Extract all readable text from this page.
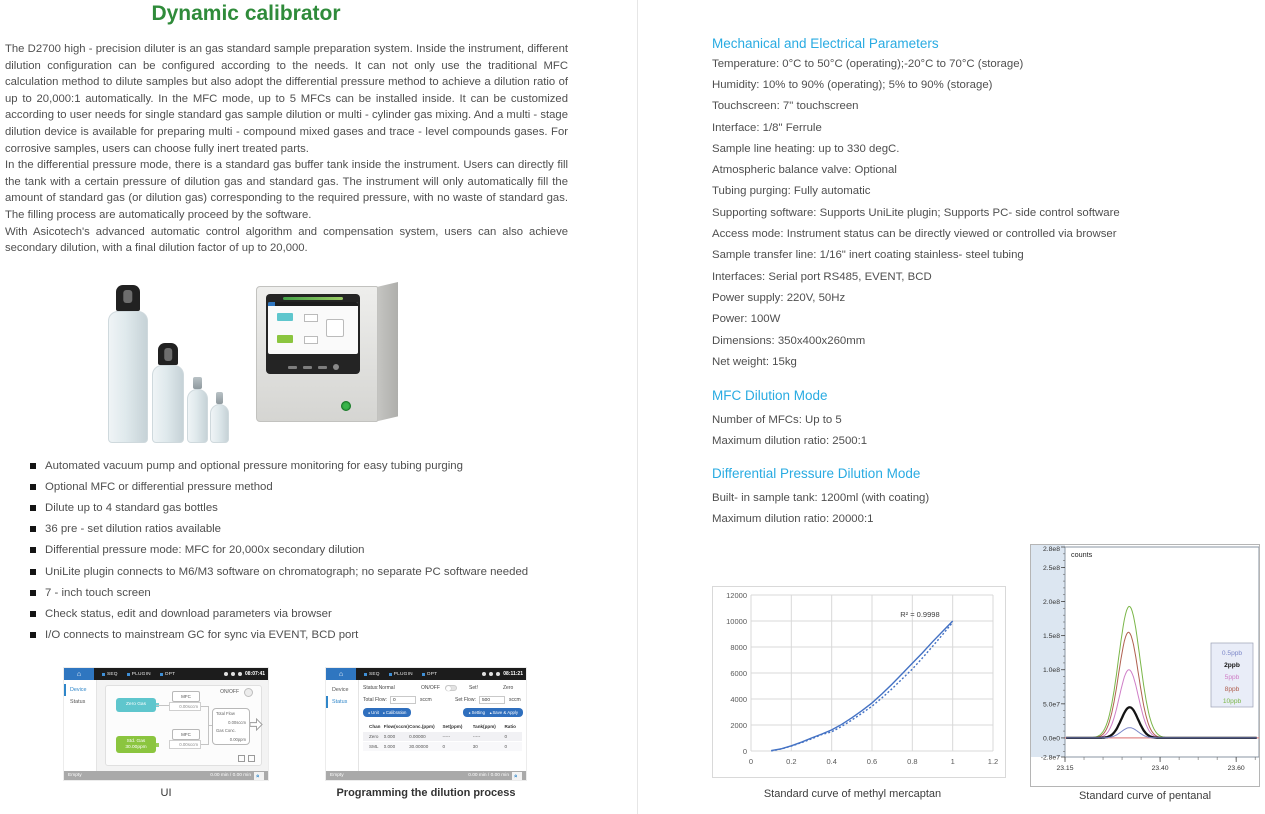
Dynamic calibrator

The D2700 high - precision diluter is an gas standard sample preparation system. Inside the instrument, different dilution configuration can be configured according to the needs. It can not only use the traditional MFC calculation method to dilute samples but also adopt the differential pressure method to achieve a dilution ratio of up to 20,000:1 automatically. In the MFC mode, up to 5 MFCs can be installed inside. It can be customized according to user needs for single standard gas sample dilution or multi - cylinder gas mixing. And a multi - stage dilution device is available for preparing multi - compound mixed gases and trace - level compounds gases. For corrosive samples, users can choose fully inert treated parts.

In the differential pressure mode, there is a standard gas buffer tank inside the instrument. Users can directly fill the tank with a certain pressure of dilution gas and standard gas. The instrument will only automatically fill the amount of standard gas (or dilution gas) corresponding to the required pressure, with no waste of standard gas. The filling process are automatically proceed by the software.

With Asicotech's advanced automatic control algorithm and compensation system, users can also achieve secondary dilution, with a final dilution factor of up to 20,000.

Automated vacuum pump and optional pressure monitoring for easy tubing purging
Optional MFC or differential pressure method
Dilute up to 4 standard gas bottles
36 pre - set dilution ratios available
Differential pressure mode: MFC for 20,000x secondary dilution
UniLite plugin connects to M6/M3 software on chromatograph; no separate PC software needed
7 - inch touch screen
Check status, edit and download parameters via browser
I/O connects to mainstream GC for sync via EVENT, BCD port
⌂	SEQ	PLUGIN	OPT	08:07:41
Device
Status
ON/OFF
Zero Gas
MFC
0.00sccm
Std. Gas
30.00ppm
MFC
0.00sccm
Total Flow
0.00sccm
Gas Conc.
0.00ppm
Empty	0.00 min / 0.00 min »
UI
⌂	SEQ	PLUGIN	OPT	08:11:21
Device
Status
Status:Normal	ON/OFF	Set!	Zero
Total Flow:	0	sccm	Set Flow:	500	sccm
● Unit	● Calibration	● Setting	▲ Save & Apply
Chan Flow(sccm) Conc.(ppm)	Set(ppm)	Tank(ppm)	Ratio
Zero	0.000	0.00000	-----	-----	0
SML	0.000	30.00000	0	30	0
Empty	0.00 min / 0.00 min »
Programming the dilution process
Mechanical and Electrical Parameters
Temperature: 0°C to 50°C (operating);-20°C to 70°C (storage)
Humidity: 10% to 90% (operating); 5% to 90% (storage)
Touchscreen: 7" touchscreen
Interface: 1/8" Ferrule
Sample line heating: up to 330 degC.
Atmospheric balance valve: Optional
Tubing purging: Fully automatic
Supporting software: Supports UniLite plugin; Supports PC- side control software
Access mode: Instrument status can be directly viewed or controlled via browser
Sample transfer line: 1/16" inert coating stainless- steel tubing
Interfaces: Serial port RS485, EVENT, BCD
Power supply: 220V, 50Hz
Power: 100W
Dimensions: 350x400x260mm
Net weight: 15kg
MFC Dilution Mode
Number of MFCs: Up to 5
Maximum dilution ratio: 2500:1
Differential Pressure Dilution Mode
Built- in sample tank: 1200ml (with coating)
Maximum dilution ratio: 20000:1
0
2000
4000
6000
8000
10000
12000
0	0.2	0.4	0.6	0.8	1	1.2
R² = 0.9998
Standard curve of methyl mercaptan
-2.8e7
0.0e0
5.0e7
1.0e8
1.5e8
2.0e8
2.5e8
2.8e8
23.15	23.40	23.60
counts
0.5ppb
2ppb
5ppb
8ppb
10ppb
Standard curve of pentanal
